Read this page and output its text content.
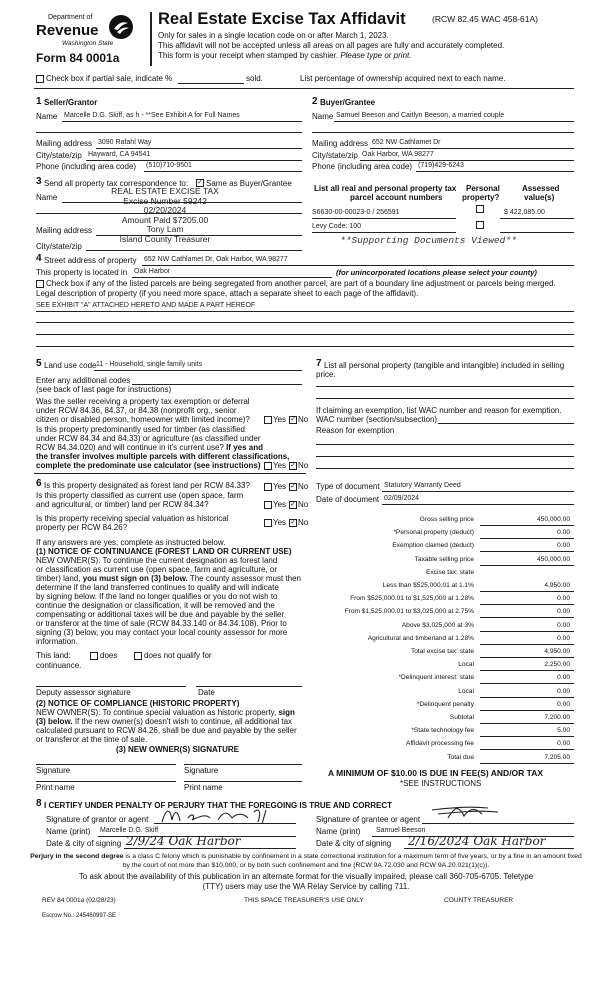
Department of
Revenue
Washington State
Form 84 0001a
Real Estate Excise Tax Affidavit	(RCW 82.45 WAC 458-61A)
Only for sales in a single location code on or after March 1, 2023.
This affidavit will not be accepted unless all areas on all pages are fully and accurately completed.
This form is your receipt when stamped by cashier. Please type or print.
Check box if partial sale, indicate %	sold.	List percentage of ownership acquired next to each name.
1 Seller/Grantor
Name Marcelle D.G. Skiff, as h - **See Exhibit A for Full Names
Mailing address 3090 Rafahl Way
City/state/zip Hayward, CA 94541
Phone (including area code) (510)710-9501
2 Buyer/Grantee
Name Samuel Beeson and Caitlyn Beeson, a married couple
Mailing address 652 NW Cathlamet Dr
City/state/zip Oak Harbor, WA 98277
Phone (including area code) (719)429-6243
3 Send all property tax correspondence to: ✓ Same as Buyer/Grantee
Name
Mailing address
City/state/zip
REAL ESTATE EXCISE TAX
Excise Number 59242
02/20/2024
Amount Paid $7205.00
Tony Lam
Island County Treasurer
List all real and personal property tax
parcel account numbers
Personal
property?
Assessed
value(s)
S6630-00-00023-0 / 256591	$ 422,085.00
Levy Code: 100
**Supporting Documents Viewed**
4 Street address of property 652 NW Cathlamet Dr, Oak Harbor, WA 98277
This property is located in Oak Harbor	(for unincorporated locations please select your county)
Check box if any of the listed parcels are being segregated from another parcel, are part of a boundary line adjustment or parcels being merged.
Legal description of property (if you need more space, attach a separate sheet to each page of the affidavit).
SEE EXHIBIT "A" ATTACHED HERETO AND MADE A PART HEREOF
5 Land use code 11 - Household, single family units
Enter any additional codes
(see back of last page for instructions)
Was the seller receiving a property tax exemption or deferral
under RCW 84.36, 84.37, or 84.38 (nonprofit org., senior
citizen or disabled person, homeowner with limited income)?	Yes ✓ No
Is this property predominantly used for timber (as classified
under RCW 84.34 and 84.33) or agriculture (as classified under
RCW 84.34.020) and will continue in it's current use? If yes and
the transfer involves multiple parcels with different classifications,
complete the predominate use calculator (see instructions) Yes ✓ No
7 List all personal property (tangible and intangible) included in selling
price.
If claiming an exemption, list WAC number and reason for exemption.
WAC number (section/subsection)
Reason for exemption
6 Is this property designated as forest land per RCW 84.33?	Yes ✓ No
Is this property classified as current use (open space, farm
and agricultural, or timber) land per RCW 84.34?	Yes ✓ No
Is this property receiving special valuation as historical
property per RCW 84.26?
Yes ✓ No
If any answers are yes, complete as instructed below.
(1) NOTICE OF CONTINUANCE (FOREST LAND OR CURRENT USE)
NEW OWNER(S): To continue the current designation as forest land
or classification as current use (open space, farm and agriculture, or
timber) land, you must sign on (3) below. The county assessor must then
determine if the land transferred continues to qualify and will indicate
by signing below. If the land no longer qualifies or you do not wish to
continue the designation or classification, it will be removed and the
compensating or additional taxes will be due and payable by the seller
or transferor at the time of sale (RCW 84.33.140 or 84.34.108). Prior to
signing (3) below, you may contact your local county assessor for more
information.
This land:	does	does not qualify for
continuance.
Deputy assessor signature	Date
(2) NOTICE OF COMPLIANCE (HISTORIC PROPERTY)
NEW OWNER(S): To continue special valuation as historic property, sign
(3) below. If the new owner(s) doesn't wish to continue, all additional tax
calculated pursuant to RCW 84.26, shall be due and payable by the seller
or transferor at the time of sale.
(3) NEW OWNER(S) SIGNATURE
Signature	Signature
Print name	Print name
Type of document Statutory Warranty Deed
Date of document 02/09/2024
Gross selling price	450,000.00
*Personal property (deduct)	0.00
Exemption claimed (deduct)	0.00
Taxable selling price	450,000.00
Excise tax: state
Less than $525,000.01 at 1.1%	4,950.00
From $525,000.01 to $1,525,000 at 1.28%	0.00
From $1,525,000.01 to $3,025,000 at 2.75%	0.00
Above $3,025,000 at 3%	0.00
Agricultural and timberland at 1.28%	0.00
Total excise tax: state	4,950.00
Local	2,250.00
*Delinquent interest: state	0.00
Local	0.00
*Delinquent penalty	0.00
Subtotal	7,200.00
*State technology fee	5.00
Affidavit processing fee	0.00
Total due	7,205.00
A MINIMUM OF $10.00 IS DUE IN FEE(S) AND/OR TAX
*SEE INSTRUCTIONS
8 I CERTIFY UNDER PENALTY OF PERJURY THAT THE FOREGOING IS TRUE AND CORRECT
Signature of grantor or agent
Name (print) Marcelle D.G. Skiff
Date & city of signing 2/9/24 Oak Harbor
Signature of grantee or agent
Name (print) Samuel Beeson
Date & city of signing 2/16/2024 Oak Harbor
Perjury in the second degree is a class C felony which is punishable by confinement in a state correctional institution for a maximum term of five years, or by a fine in an amount fixed by the court of not more than $10,000, or by both such confinement and fine (RCW 9A.72.030 and RCW 9A.20.021(1)(c)).
To ask about the availability of this publication in an alternate format for the visually impaired, please call 360-705-6705. Teletype
(TTY) users may use the WA Relay Service by calling 711.
REV 84 0001a (02/28/23)	THIS SPACE TREASURER'S USE ONLY	COUNTY TREASURER
Escrow No.: 245460997-SE
